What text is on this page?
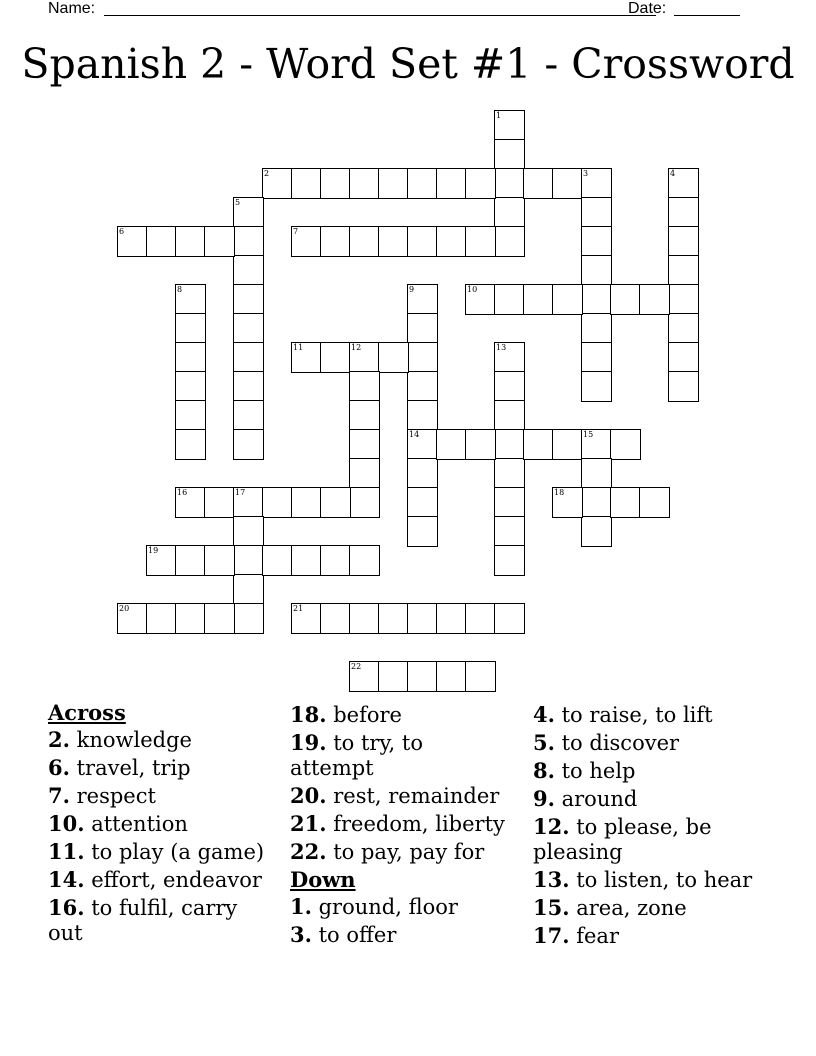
Name:	Date:
Spanish 2 - Word Set #1 - Crossword
1
2	3	4
5
6	7
8	9
14
10
11	12	13
15
16	17	18
19
20	21
22

Across

2. knowledge

6. travel, trip

7. respect

10. attention

11. to play (a game)

14. effort, endeavor

16. to fulfil, carry out

18. before

19. to try, to attempt

20. rest, remainder

21. freedom, liberty

22. to pay, pay for

Down

1. ground, floor

3. to offer

4. to raise, to lift

5. to discover

8. to help

9. around

12. to please, be pleasing

13. to listen, to hear

15. area, zone

17. fear
